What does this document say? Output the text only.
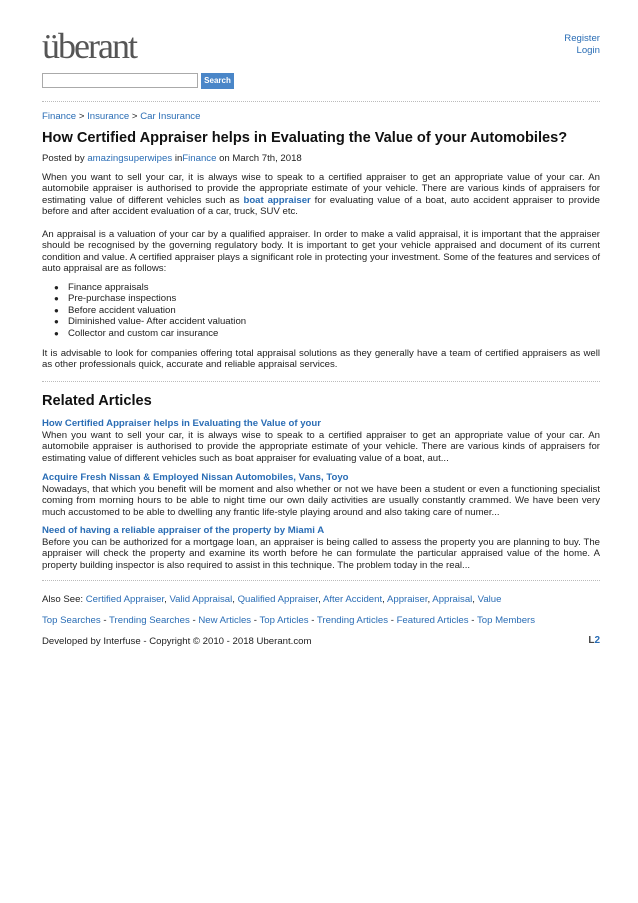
überant	Register
Login
Search
Finance > Insurance > Car Insurance
How Certified Appraiser helps in Evaluating the Value of your Automobiles?
Posted by amazingsuperwipes inFinance on March 7th, 2018

When you want to sell your car, it is always wise to speak to a certified appraiser to get an appropriate value of your car. An automobile appraiser is authorised to provide the appropriate estimate of your vehicle. There are various kinds of appraisers for estimating value of different vehicles such as boat appraiser for evaluating value of a boat, auto accident appraiser to provide before and after accident evaluation of a car, truck, SUV etc.

An appraisal is a valuation of your car by a qualified appraiser. In order to make a valid appraisal, it is important that the appraiser should be recognised by the governing regulatory body. It is important to get your vehicle appraised and document of its current condition and value. A certified appraiser plays a significant role in protecting your investment. Some of the features and services of auto appraisal are as follows:

● Finance appraisals
● Pre-purchase inspections
● Before accident valuation
● Diminished value- After accident valuation
● Collector and custom car insurance

It is advisable to look for companies offering total appraisal solutions as they generally have a team of certified appraisers as well as other professionals quick, accurate and reliable appraisal services.

Related Articles
How Certified Appraiser helps in Evaluating the Value of your
When you want to sell your car, it is always wise to speak to a certified appraiser to get an appropriate value of your car. An automobile appraiser is authorised to provide the appropriate estimate of your vehicle. There are various kinds of appraisers for estimating value of different vehicles such as boat appraiser for evaluating value of a boat, aut...
Acquire Fresh Nissan & Employed Nissan Automobiles, Vans, Toyo
Nowadays, that which you benefit will be moment and also whether or not we have been a student or even a functioning specialist coming from morning hours to be able to night time our own daily activities are usually constantly crammed. We have been very much accustomed to be able to dwelling any frantic life-style playing around and also taking care of numer...
Need of having a reliable appraiser of the property by Miami A
Before you can be authorized for a mortgage loan, an appraiser is being called to assess the property you are planning to buy. The appraiser will check the property and examine its worth before he can formulate the particular appraised value of the home. A property building inspector is also required to assist in this technique. The problem today in the real...
Also See: Certified Appraiser, Valid Appraisal, Qualified Appraiser, After Accident, Appraiser, Appraisal, Value
Top Searches - Trending Searches - New Articles - Top Articles - Trending Articles - Featured Articles - Top Members
Developed by Interfuse - Copyright © 2010 - 2018 Uberant.com	L2
